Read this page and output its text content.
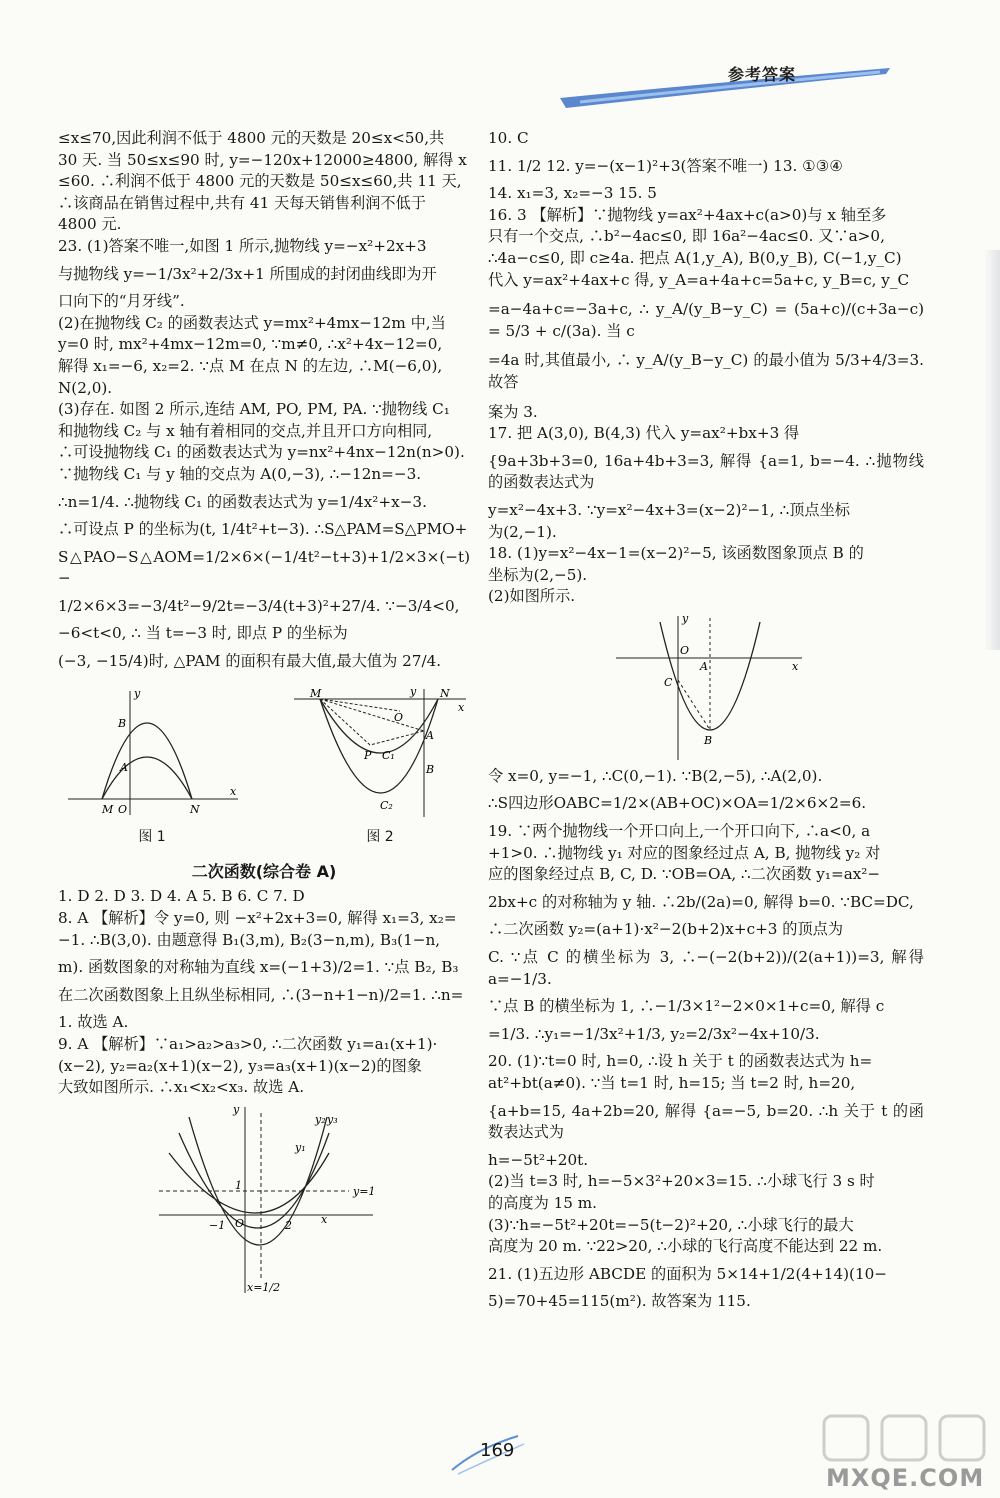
参考答案

≤x≤70,因此利润不低于 4800 元的天数是 20≤x<50,共

30 天. 当 50≤x≤90 时, y=−120x+12000≥4800, 解得 x

≤60. ∴利润不低于 4800 元的天数是 50≤x≤60,共 11 天,

∴该商品在销售过程中,共有 41 天每天销售利润不低于

4800 元.

23. (1)答案不唯一,如图 1 所示,抛物线 y=−x²+2x+3

与抛物线 y=−1/3x²+2/3x+1 所围成的封闭曲线即为开

口向下的“月牙线”.

(2)在抛物线 C₂ 的函数表达式 y=mx²+4mx−12m 中,当

y=0 时, mx²+4mx−12m=0, ∵m≠0, ∴x²+4x−12=0,

解得 x₁=−6, x₂=2. ∵点 M 在点 N 的左边, ∴M(−6,0),

N(2,0).

(3)存在. 如图 2 所示,连结 AM, PO, PM, PA. ∵抛物线 C₁

和抛物线 C₂ 与 x 轴有着相同的交点,并且开口方向相同,

∴可设抛物线 C₁ 的函数表达式为 y=nx²+4nx−12n(n>0).

∵抛物线 C₁ 与 y 轴的交点为 A(0,−3), ∴−12n=−3.

∴n=1/4. ∴抛物线 C₁ 的函数表达式为 y=1/4x²+x−3.

∴可设点 P 的坐标为(t, 1/4t²+t−3). ∴S△PAM=S△PMO+

S△PAO−S△AOM=1/2×6×(−1/4t²−t+3)+1/2×3×(−t)−

1/2×6×3=−3/4t²−9/2t=−3/4(t+3)²+27/4. ∵−3/4<0,

−6<t<0, ∴ 当 t=−3 时, 即点 P 的坐标为

(−3, −15/4)时, △PAM 的面积有最大值,最大值为 27/4.

y
x
B
A
M O	N
图 1
y
x
M	N
O
A
P C₁
B
C₂
图 2
二次函数(综合卷 A)

1. D 2. D 3. D 4. A 5. B 6. C 7. D

8. A 【解析】令 y=0, 则 −x²+2x+3=0, 解得 x₁=3, x₂=

−1. ∴B(3,0). 由题意得 B₁(3,m), B₂(3−n,m), B₃(1−n,

m). 函数图象的对称轴为直线 x=(−1+3)/2=1. ∵点 B₂, B₃

在二次函数图象上且纵坐标相同, ∴(3−n+1−n)/2=1. ∴n=

1. 故选 A.

9. A 【解析】∵a₁>a₂>a₃>0, ∴二次函数 y₁=a₁(x+1)·

(x−2), y₂=a₂(x+1)(x−2), y₃=a₃(x+1)(x−2)的图象

大致如图所示. ∴x₁<x₂<x₃. 故选 A.

y
x
y₁
y₂ y₃
1
−1 O	2
y=1
x=1/2

10. C

11. 1/2 12. y=−(x−1)²+3(答案不唯一) 13. ①③④

14. x₁=3, x₂=−3 15. 5

16. 3 【解析】∵抛物线 y=ax²+4ax+c(a>0)与 x 轴至多

只有一个交点, ∴b²−4ac≤0, 即 16a²−4ac≤0. 又∵a>0,

∴4a−c≤0, 即 c≥4a. 把点 A(1,y_A), B(0,y_B), C(−1,y_C)

代入 y=ax²+4ax+c 得, y_A=a+4a+c=5a+c, y_B=c, y_C

=a−4a+c=−3a+c, ∴ y_A/(y_B−y_C) = (5a+c)/(c+3a−c) = 5/3 + c/(3a). 当 c

=4a 时,其值最小, ∴ y_A/(y_B−y_C) 的最小值为 5/3+4/3=3. 故答

案为 3.

17. 把 A(3,0), B(4,3) 代入 y=ax²+bx+3 得

{9a+3b+3=0, 16a+4b+3=3, 解得 {a=1, b=−4. ∴抛物线的函数表达式为

y=x²−4x+3. ∵y=x²−4x+3=(x−2)²−1, ∴顶点坐标

为(2,−1).

18. (1)y=x²−4x−1=(x−2)²−5, 该函数图象顶点 B 的

坐标为(2,−5).

(2)如图所示.

y
x
O
A
C
B

令 x=0, y=−1, ∴C(0,−1). ∵B(2,−5), ∴A(2,0).

∴S四边形OABC=1/2×(AB+OC)×OA=1/2×6×2=6.

19. ∵两个抛物线一个开口向上,一个开口向下, ∴a<0, a

+1>0. ∴抛物线 y₁ 对应的图象经过点 A, B, 抛物线 y₂ 对

应的图象经过点 B, C, D. ∵OB=OA, ∴二次函数 y₁=ax²−

2bx+c 的对称轴为 y 轴. ∴2b/(2a)=0, 解得 b=0. ∵BC=DC,

∴二次函数 y₂=(a+1)·x²−2(b+2)x+c+3 的顶点为

C. ∵点 C 的横坐标为 3, ∴−(−2(b+2))/(2(a+1))=3, 解得 a=−1/3.

∵点 B 的横坐标为 1, ∴−1/3×1²−2×0×1+c=0, 解得 c

=1/3. ∴y₁=−1/3x²+1/3, y₂=2/3x²−4x+10/3.

20. (1)∵t=0 时, h=0, ∴设 h 关于 t 的函数表达式为 h=

at²+bt(a≠0). ∵当 t=1 时, h=15; 当 t=2 时, h=20,

{a+b=15, 4a+2b=20, 解得 {a=−5, b=20. ∴h 关于 t 的函数表达式为

h=−5t²+20t.

(2)当 t=3 时, h=−5×3²+20×3=15. ∴小球飞行 3 s 时

的高度为 15 m.

(3)∵h=−5t²+20t=−5(t−2)²+20, ∴小球飞行的最大

高度为 20 m. ∵22>20, ∴小球的飞行高度不能达到 22 m.

21. (1)五边形 ABCDE 的面积为 5×14+1/2(4+14)(10−

5)=70+45=115(m²). 故答案为 115.

169
MXQE.COM
